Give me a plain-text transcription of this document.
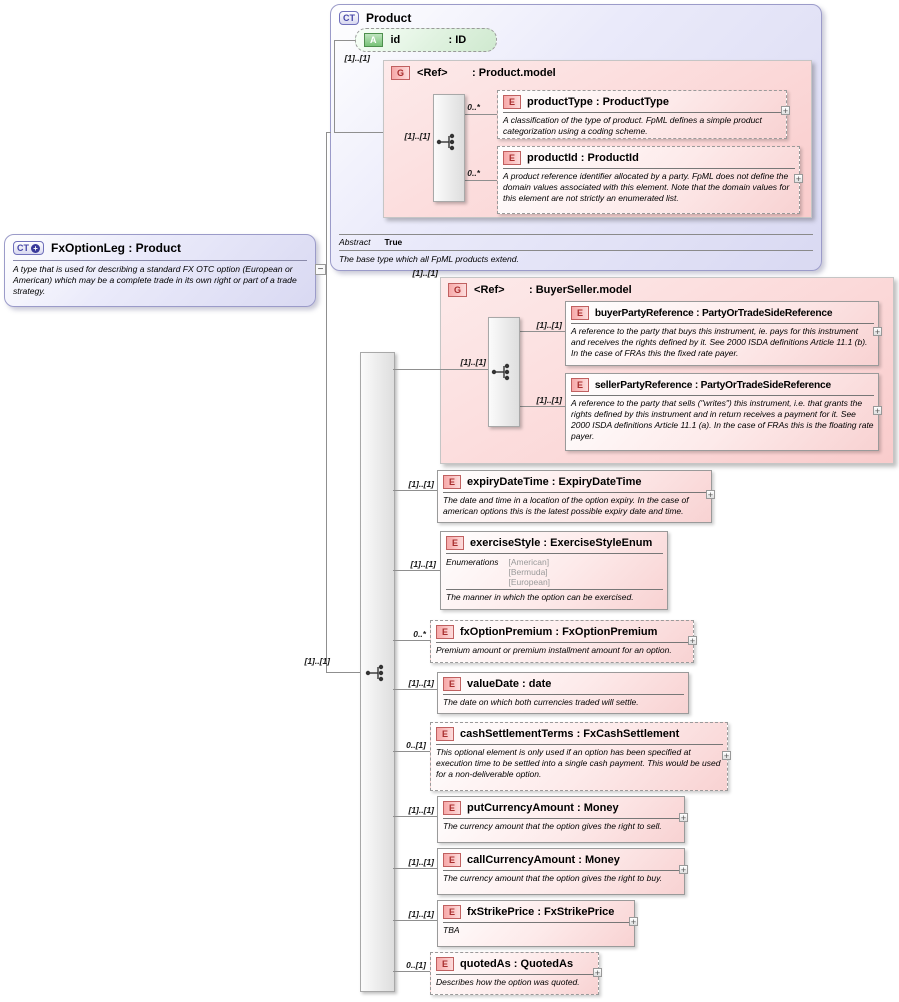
CT Product
Abstract True
The base type which all FpML products extend.
A	id	: ID
[1]..[1]
G	<Ref>	: Product.model
[1]..[1]
0..*	E	productType : ProductType
A classification of the type of product. FpML defines a simple product categorization using a coding scheme.
+
0..*
E	productId : ProductId
A product reference identifier allocated by a party. FpML does not define the domain values associated with this element. Note that the domain values for this element are not strictly an enumerated list.
+
CT + FxOptionLeg : Product
A type that is used for describing a standard FX OTC option (European or American) which may be a complete trade in its own right or part of a trade strategy.
−
[1]..[1]
G	<Ref>	: BuyerSeller.model
[1]..[1]
[1]..[1]
[1]..[1]
E	buyerPartyReference : PartyOrTradeSideReference
A reference to the party that buys this instrument, ie. pays for this instrument and receives the rights defined by it. See 2000 ISDA definitions Article 11.1 (b). In the case of FRAs this the fixed rate payer.
+
[1]..[1]
E	sellerPartyReference : PartyOrTradeSideReference
A reference to the party that sells ("writes") this instrument, i.e. that grants the rights defined by this instrument and in return receives a payment for it. See 2000 ISDA definitions Article 11.1 (a). In the case of FRAs this is the floating rate payer.
+
[1]..[1]	E	expiryDateTime : ExpiryDateTime
The date and time in a location of the option expiry. In the case of american options this is the latest possible expiry date and time.
+
[1]..[1]
E	exerciseStyle : ExerciseStyleEnum
Enumerations [American]
[Bermuda]
[European]
The manner in which the option can be exercised.
0..*	E	fxOptionPremium : FxOptionPremium
Premium amount or premium installment amount for an option.
+
[1]..[1]	E	valueDate : date
The date on which both currencies traded will settle.
0..[1]
E	cashSettlementTerms : FxCashSettlement
This optional element is only used if an option has been specified at execution time to be settled into a single cash payment. This would be used for a non-deliverable option.
+
[1]..[1]	E	putCurrencyAmount : Money
The currency amount that the option gives the right to sell.
+
[1]..[1]	E	callCurrencyAmount : Money
The currency amount that the option gives the right to buy.
+
[1]..[1]	E	fxStrikePrice : FxStrikePrice
TBA
+
0..[1]	E	quotedAs : QuotedAs
Describes how the option was quoted.
+
